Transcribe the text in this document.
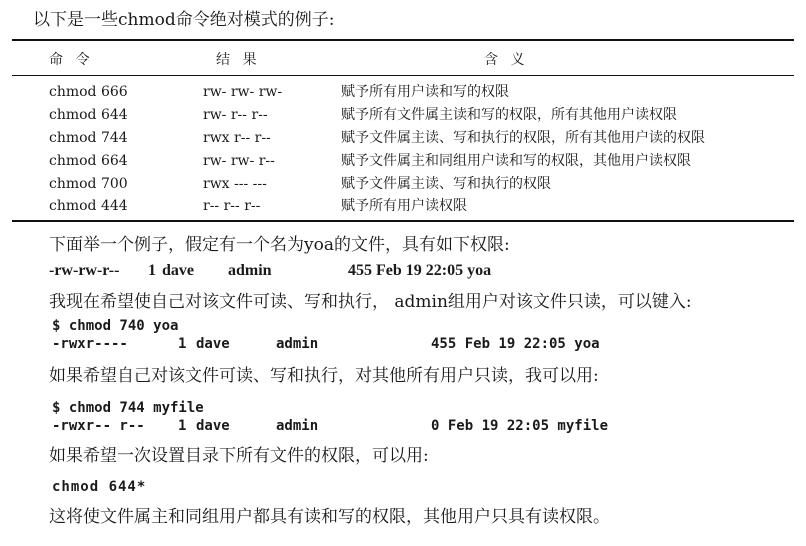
以下是一些chmod命令绝对模式的例子:
命令	结果	含义
chmod 666	rw- rw- rw-	赋予所有用户读和写的权限
chmod 644	rw- r-- r--	赋予所有文件属主读和写的权限，所有其他用户读权限
chmod 744	rwx r-- r--	赋予文件属主读、写和执行的权限，所有其他用户读的权限
chmod 664	rw- rw- r--	赋予文件属主和同组用户读和写的权限，其他用户读权限
chmod 700	rwx --- ---	赋予文件属主读、写和执行的权限
chmod 444	r-- r-- r--	赋予所有用户读权限
下面举一个例子，假定有一个名为yoa的文件，具有如下权限:
-rw-rw-r-- 1 dave admin	455 Feb 19 22:05 yoa
我现在希望使自己对该文件可读、写和执行， admin组用户对该文件只读，可以键入:
$ chmod 740 yoa
-rwxr----	1 dave	admin	455 Feb 19 22:05 yoa
如果希望自己对该文件可读、写和执行，对其他所有用户只读，我可以用:
$ chmod 744 myfile
-rwxr-- r-- 1 dave	admin	0 Feb 19 22:05 myfile
如果希望一次设置目录下所有文件的权限，可以用:
chmod 644*
这将使文件属主和同组用户都具有读和写的权限，其他用户只具有读权限。
